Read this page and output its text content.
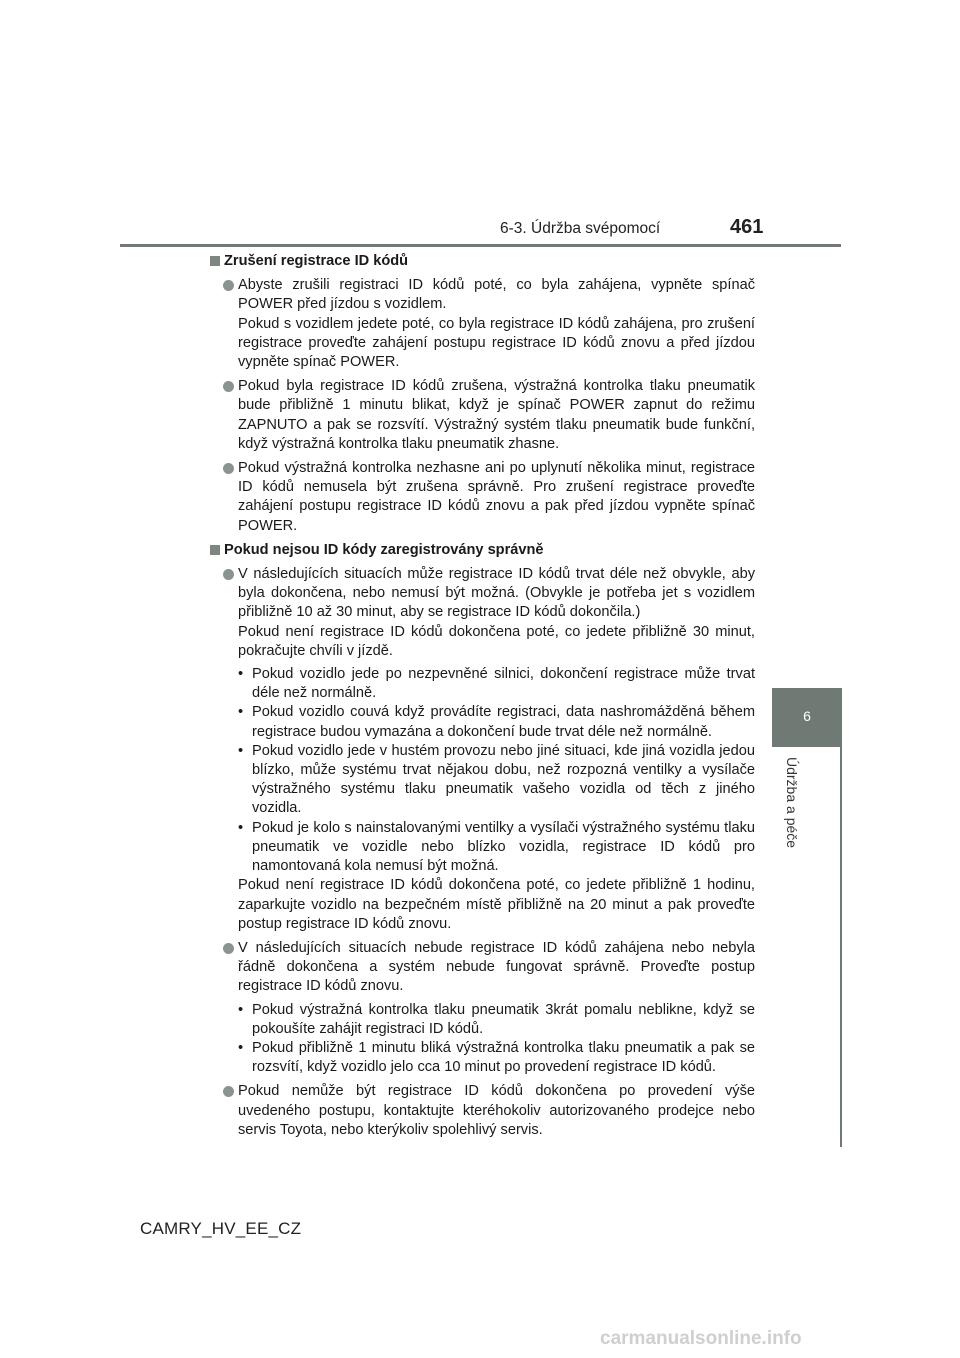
6-3. Údržba svépomocí	461
6
Údržba a péče
Zrušení registrace ID kódů

Abyste zrušili registraci ID kódů poté, co byla zahájena, vypněte spínač POWER před jízdou s vozidlem.

Pokud s vozidlem jedete poté, co byla registrace ID kódů zahájena, pro zrušení registrace proveďte zahájení postupu registrace ID kódů znovu a před jízdou vypněte spínač POWER.

Pokud byla registrace ID kódů zrušena, výstražná kontrolka tlaku pneumatik bude přibližně 1 minutu blikat, když je spínač POWER zapnut do režimu ZAPNUTO a pak se rozsvítí. Výstražný systém tlaku pneumatik bude funkční, když výstražná kontrolka tlaku pneumatik zhasne.

Pokud výstražná kontrolka nezhasne ani po uplynutí několika minut, registrace ID kódů nemusela být zrušena správně. Pro zrušení registrace proveďte zahájení postupu registrace ID kódů znovu a pak před jízdou vypněte spínač POWER.

Pokud nejsou ID kódy zaregistrovány správně

V následujících situacích může registrace ID kódů trvat déle než obvykle, aby byla dokončena, nebo nemusí být možná. (Obvykle je potřeba jet s vozidlem přibližně 10 až 30 minut, aby se registrace ID kódů dokončila.)

Pokud není registrace ID kódů dokončena poté, co jedete přibližně 30 minut, pokračujte chvíli v jízdě.

• Pokud vozidlo jede po nezpevněné silnici, dokončení registrace může trvat déle než normálně.
• Pokud vozidlo couvá když provádíte registraci, data nashromážděná během registrace budou vymazána a dokončení bude trvat déle než normálně.
• Pokud vozidlo jede v hustém provozu nebo jiné situaci, kde jiná vozidla jedou blízko, může systému trvat nějakou dobu, než rozpozná ventilky a vysílače výstražného systému tlaku pneumatik vašeho vozidla od těch z jiného vozidla.
• Pokud je kolo s nainstalovanými ventilky a vysílači výstražného systému tlaku pneumatik ve vozidle nebo blízko vozidla, registrace ID kódů pro namontovaná kola nemusí být možná.

Pokud není registrace ID kódů dokončena poté, co jedete přibližně 1 hodinu, zaparkujte vozidlo na bezpečném místě přibližně na 20 minut a pak proveďte postup registrace ID kódů znovu.

V následujících situacích nebude registrace ID kódů zahájena nebo nebyla řádně dokončena a systém nebude fungovat správně. Proveďte postup registrace ID kódů znovu.

• Pokud výstražná kontrolka tlaku pneumatik 3krát pomalu neblikne, když se pokoušíte zahájit registraci ID kódů.
• Pokud přibližně 1 minutu bliká výstražná kontrolka tlaku pneumatik a pak se rozsvítí, když vozidlo jelo cca 10 minut po provedení registrace ID kódů.

Pokud nemůže být registrace ID kódů dokončena po provedení výše uvedeného postupu, kontaktujte kteréhokoliv autorizovaného prodejce nebo servis Toyota, nebo kterýkoliv spolehlivý servis.

CAMRY_HV_EE_CZ
carmanualsonline.info
